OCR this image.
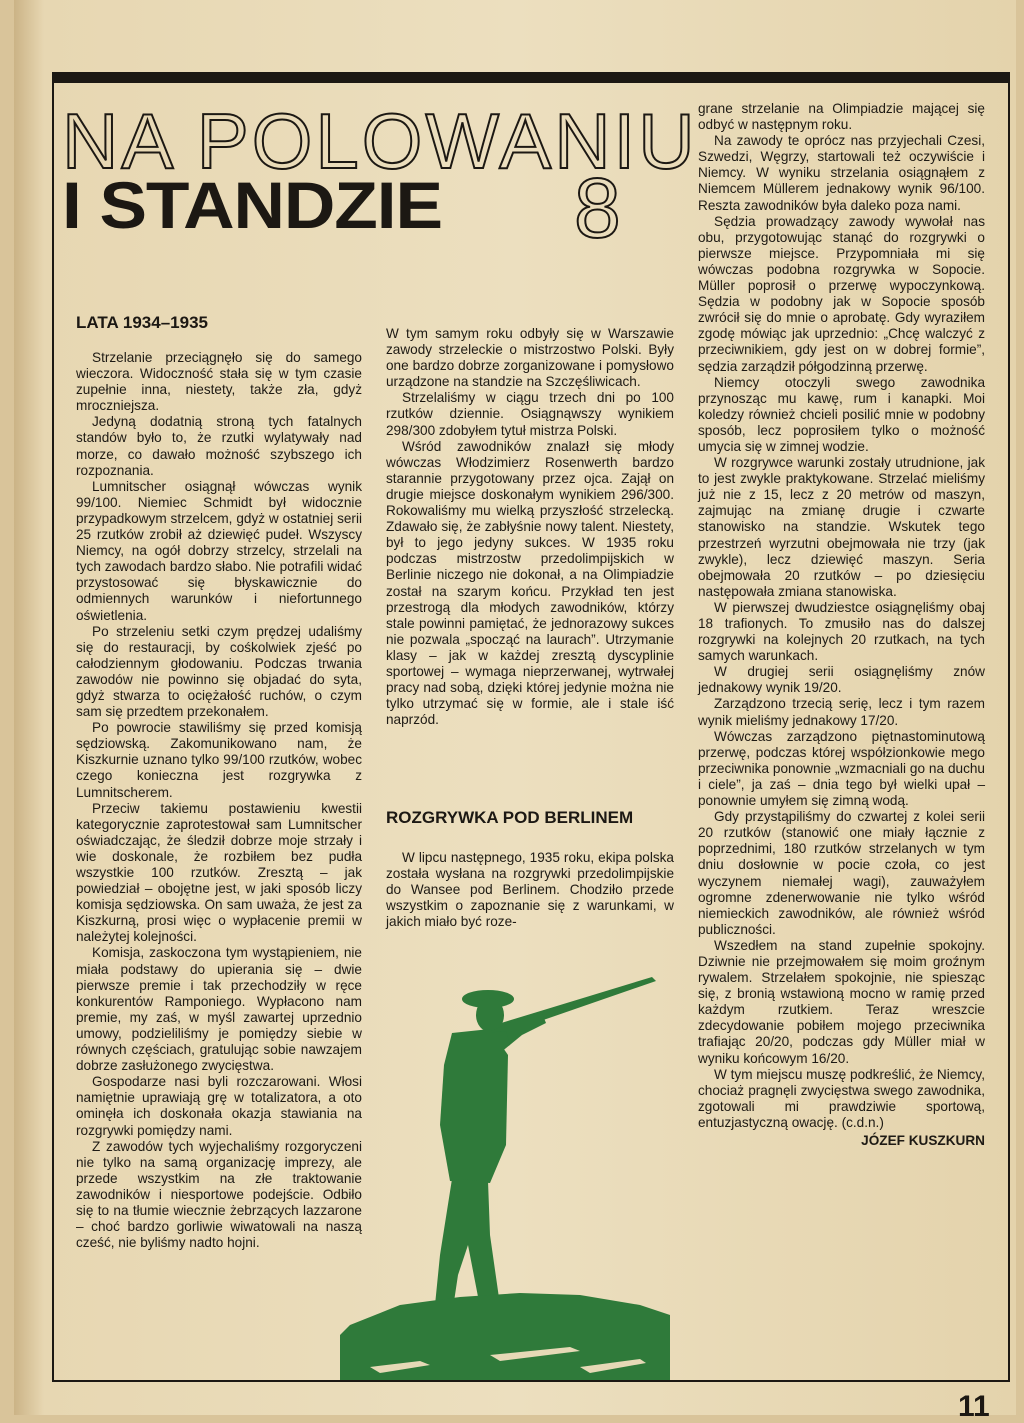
NA POLOWANIU
I STANDZIE 8
LATA 1934–1935

Strzelanie przeciągnęło się do samego wieczora. Widoczność stała się w tym czasie zupełnie inna, niestety, także zła, gdyż mroczniejsza.

Jedyną dodatnią stroną tych fatalnych standów było to, że rzutki wylatywały nad morze, co dawało możność szybszego ich rozpoznania.

Lumnitscher osiągnął wówczas wynik 99/100. Niemiec Schmidt był widocznie przypadkowym strzelcem, gdyż w ostatniej serii 25 rzutków zrobił aż dziewięć pudeł. Wszyscy Niemcy, na ogół dobrzy strzelcy, strzelali na tych zawodach bardzo słabo. Nie potrafili widać przystosować się błyskawicznie do odmiennych warunków i niefortunnego oświetlenia.

Po strzeleniu setki czym prędzej udaliśmy się do restauracji, by cośkolwiek zjeść po całodziennym głodowaniu. Podczas trwania zawodów nie powinno się objadać do syta, gdyż stwarza to ociężałość ruchów, o czym sam się przedtem przekonałem.

Po powrocie stawiliśmy się przed komisją sędziowską. Zakomunikowano nam, że Kiszkurnie uznano tylko 99/100 rzutków, wobec czego konieczna jest rozgrywka z Lumnitscherem.

Przeciw takiemu postawieniu kwestii kategorycznie zaprotestował sam Lumnitscher oświadczając, że śledził dobrze moje strzały i wie doskonale, że rozbiłem bez pudła wszystkie 100 rzutków. Zresztą – jak powiedział – obojętne jest, w jaki sposób liczy komisja sędziowska. On sam uważa, że jest za Kiszkurną, prosi więc o wypłacenie premii w należytej kolejności.

Komisja, zaskoczona tym wystąpieniem, nie miała podstawy do upierania się – dwie pierwsze premie i tak przechodziły w ręce konkurentów Ramponiego. Wypłacono nam premie, my zaś, w myśl zawartej uprzednio umowy, podzieliliśmy je pomiędzy siebie w równych częściach, gratulując sobie nawzajem dobrze zasłużonego zwycięstwa.

Gospodarze nasi byli rozczarowani. Włosi namiętnie uprawiają grę w totalizatora, a oto ominęła ich doskonała okazja stawiania na rozgrywki pomiędzy nami.

Z zawodów tych wyjechaliśmy rozgoryczeni nie tylko na samą organizację imprezy, ale przede wszystkim na złe traktowanie zawodników i niesportowe podejście. Odbiło się to na tłumie wiecznie żebrzących lazzarone – choć bardzo gorliwie wiwatowali na naszą cześć, nie byliśmy nadto hojni.

W tym samym roku odbyły się w Warszawie zawody strzeleckie o mistrzostwo Polski. Były one bardzo dobrze zorganizowane i pomysłowo urządzone na standzie na Szczęśliwicach.

Strzelaliśmy w ciągu trzech dni po 100 rzutków dziennie. Osiągnąwszy wynikiem 298/300 zdobyłem tytuł mistrza Polski.

Wśród zawodników znalazł się młody wówczas Włodzimierz Rosenwerth bardzo starannie przygotowany przez ojca. Zajął on drugie miejsce doskonałym wynikiem 296/300. Rokowaliśmy mu wielką przyszłość strzelecką. Zdawało się, że zabłyśnie nowy talent. Niestety, był to jego jedyny sukces. W 1935 roku podczas mistrzostw przedolimpijskich w Berlinie niczego nie dokonał, a na Olimpiadzie został na szarym końcu. Przykład ten jest przestrogą dla młodych zawodników, którzy stale powinni pamiętać, że jednorazowy sukces nie pozwala „spocząć na laurach”. Utrzymanie klasy – jak w każdej zresztą dyscyplinie sportowej – wymaga nieprzerwanej, wytrwałej pracy nad sobą, dzięki której jedynie można nie tylko utrzymać się w formie, ale i stale iść naprzód.

ROZGRYWKA POD BERLINEM

W lipcu następnego, 1935 roku, ekipa polska została wysłana na rozgrywki przedolimpijskie do Wansee pod Berlinem. Chodziło przede wszystkim o zapoznanie się z warunkami, w jakich miało być roze-

grane strzelanie na Olimpiadzie mającej się odbyć w następnym roku.

Na zawody te oprócz nas przyjechali Czesi, Szwedzi, Węgrzy, startowali też oczywiście i Niemcy. W wyniku strzelania osiągnąłem z Niemcem Müllerem jednakowy wynik 96/100. Reszta zawodników była daleko poza nami.

Sędzia prowadzący zawody wywołał nas obu, przygotowując stanąć do rozgrywki o pierwsze miejsce. Przypomniała mi się wówczas podobna rozgrywka w Sopocie. Müller poprosił o przerwę wypoczynkową. Sędzia w podobny jak w Sopocie sposób zwrócił się do mnie o aprobatę. Gdy wyraziłem zgodę mówiąc jak uprzednio: „Chcę walczyć z przeciwnikiem, gdy jest on w dobrej formie”, sędzia zarządził półgodzinną przerwę.

Niemcy otoczyli swego zawodnika przynosząc mu kawę, rum i kanapki. Moi koledzy również chcieli posilić mnie w podobny sposób, lecz poprosiłem tylko o możność umycia się w zimnej wodzie.

W rozgrywce warunki zostały utrudnione, jak to jest zwykle praktykowane. Strzelać mieliśmy już nie z 15, lecz z 20 metrów od maszyn, zajmując na zmianę drugie i czwarte stanowisko na standzie. Wskutek tego przestrzeń wyrzutni obejmowała nie trzy (jak zwykle), lecz dziewięć maszyn. Seria obejmowała 20 rzutków – po dziesięciu następowała zmiana stanowiska.

W pierwszej dwudziestce osiągnęliśmy obaj 18 trafionych. To zmusiło nas do dalszej rozgrywki na kolejnych 20 rzutkach, na tych samych warunkach.

W drugiej serii osiągnęliśmy znów jednakowy wynik 19/20.

Zarządzono trzecią serię, lecz i tym razem wynik mieliśmy jednakowy 17/20.

Wówczas zarządzono piętnastominutową przerwę, podczas której współzionkowie mego przeciwnika ponownie „wzmacniali go na duchu i ciele”, ja zaś – dnia tego był wielki upał – ponownie umyłem się zimną wodą.

Gdy przystąpiliśmy do czwartej z kolei serii 20 rzutków (stanowić one miały łącznie z poprzednimi, 180 rzutków strzelanych w tym dniu dosłownie w pocie czoła, co jest wyczynem niemałej wagi), zauważyłem ogromne zdenerwowanie nie tylko wśród niemieckich zawodników, ale również wśród publiczności.

Wszedłem na stand zupełnie spokojny. Dziwnie nie przejmowałem się moim groźnym rywalem. Strzelałem spokojnie, nie spiesząc się, z bronią wstawioną mocno w ramię przed każdym rzutkiem. Teraz wreszcie zdecydowanie pobiłem mojego przeciwnika trafiając 20/20, podczas gdy Müller miał w wyniku końcowym 16/20.

W tym miejscu muszę podkreślić, że Niemcy, chociaż pragnęli zwycięstwa swego zawodnika, zgotowali mi prawdziwie sportową, entuzjastyczną owację. (c.d.n.)

JÓZEF KUSZKURN

11
